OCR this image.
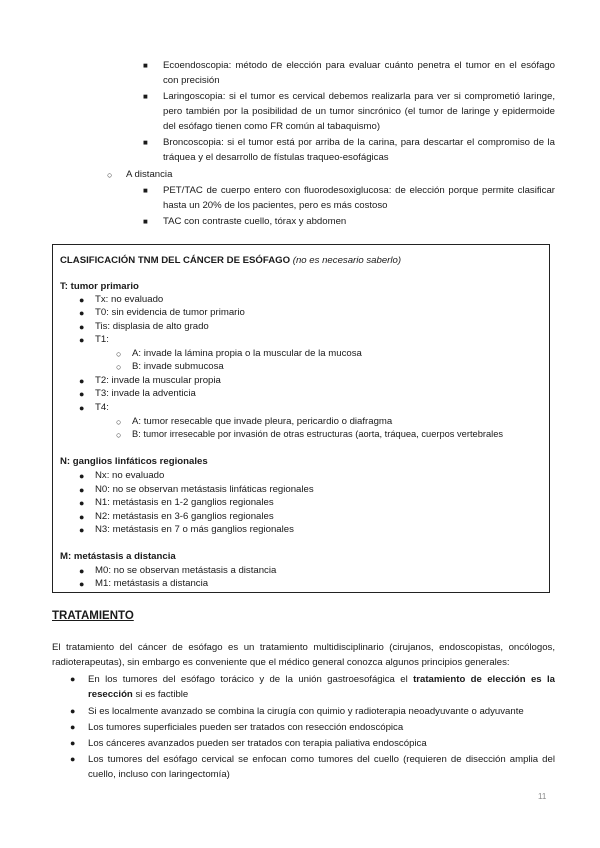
■ Ecoendoscopia: método de elección para evaluar cuánto penetra el tumor en el esófago con precisión
■ Laringoscopia: si el tumor es cervical debemos realizarla para ver si comprometió laringe, pero también por la posibilidad de un tumor sincrónico (el tumor de laringe y epidermoide del esófago tienen como FR común al tabaquismo)
■ Broncoscopia: si el tumor está por arriba de la carina, para descartar el compromiso de la tráquea y el desarrollo de fístulas traqueo-esofágicas
○ A distancia
■ PET/TAC de cuerpo entero con fluorodesoxiglucosa: de elección porque permite clasificar hasta un 20% de los pacientes, pero es más costoso
■ TAC con contraste cuello, tórax y abdomen
CLASIFICACIÓN TNM DEL CÁNCER DE ESÓFAGO (no es necesario saberlo)
T: tumor primario
● Tx: no evaluado
● T0: sin evidencia de tumor primario
● Tis: displasia de alto grado
● T1:
○ A: invade la lámina propia o la muscular de la mucosa
○ B: invade submucosa
● T2: invade la muscular propia
● T3: invade la adventicia
● T4:
○ A: tumor resecable que invade pleura, pericardio o diafragma
○ B: tumor irresecable por invasión de otras estructuras (aorta, tráquea, cuerpos vertebrales
N: ganglios linfáticos regionales
● Nx: no evaluado
● N0: no se observan metástasis linfáticas regionales
● N1: metástasis en 1-2 ganglios regionales
● N2: metástasis en 3-6 ganglios regionales
● N3: metástasis en 7 o más ganglios regionales
M: metástasis a distancia
● M0: no se observan metástasis a distancia
● M1: metástasis a distancia
TRATAMIENTO
El tratamiento del cáncer de esófago es un tratamiento multidisciplinario (cirujanos, endoscopistas, oncólogos, radioterapeutas), sin embargo es conveniente que el médico general conozca algunos principios generales:
● En los tumores del esófago torácico y de la unión gastroesofágica el tratamiento de elección es la resección si es factible
● Si es localmente avanzado se combina la cirugía con quimio y radioterapia neoadyuvante o adyuvante
● Los tumores superficiales pueden ser tratados con resección endoscópica
● Los cánceres avanzados pueden ser tratados con terapia paliativa endoscópica
● Los tumores del esófago cervical se enfocan como tumores del cuello (requieren de disección amplia del cuello, incluso con laringectomía)
11
